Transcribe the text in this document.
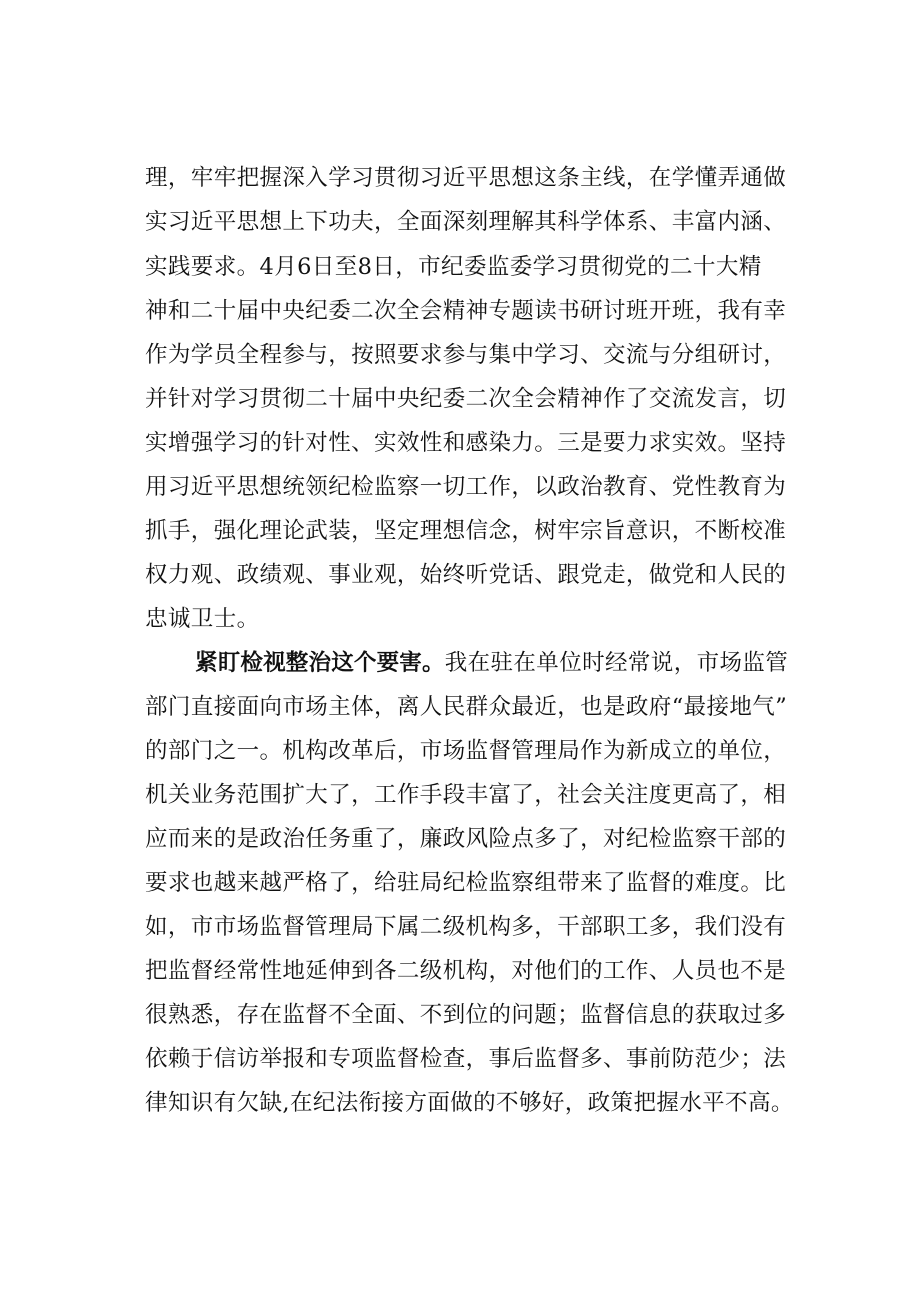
理，牢牢把握深入学习贯彻习近平思想这条主线，在学懂弄通做
实习近平思想上下功夫，全面深刻理解其科学体系、丰富内涵、
实践要求。4月6日至8日，市纪委监委学习贯彻党的二十大精
神和二十届中央纪委二次全会精神专题读书研讨班开班，我有幸
作为学员全程参与，按照要求参与集中学习、交流与分组研讨，
并针对学习贯彻二十届中央纪委二次全会精神作了交流发言，切
实增强学习的针对性、实效性和感染力。三是要力求实效。坚持
用习近平思想统领纪检监察一切工作，以政治教育、党性教育为
抓手，强化理论武装，坚定理想信念，树牢宗旨意识，不断校准
权力观、政绩观、事业观，始终听党话、跟党走，做党和人民的
忠诚卫士。
紧盯检视整治这个要害。我在驻在单位时经常说，市场监管
部门直接面向市场主体，离人民群众最近，也是政府“最接地气”
的部门之一。机构改革后，市场监督管理局作为新成立的单位，
机关业务范围扩大了，工作手段丰富了，社会关注度更高了，相
应而来的是政治任务重了，廉政风险点多了，对纪检监察干部的
要求也越来越严格了，给驻局纪检监察组带来了监督的难度。比
如，市市场监督管理局下属二级机构多，干部职工多，我们没有
把监督经常性地延伸到各二级机构，对他们的工作、人员也不是
很熟悉，存在监督不全面、不到位的问题；监督信息的获取过多
依赖于信访举报和专项监督检查，事后监督多、事前防范少；法
律知识有欠缺,在纪法衔接方面做的不够好，政策把握水平不高。
